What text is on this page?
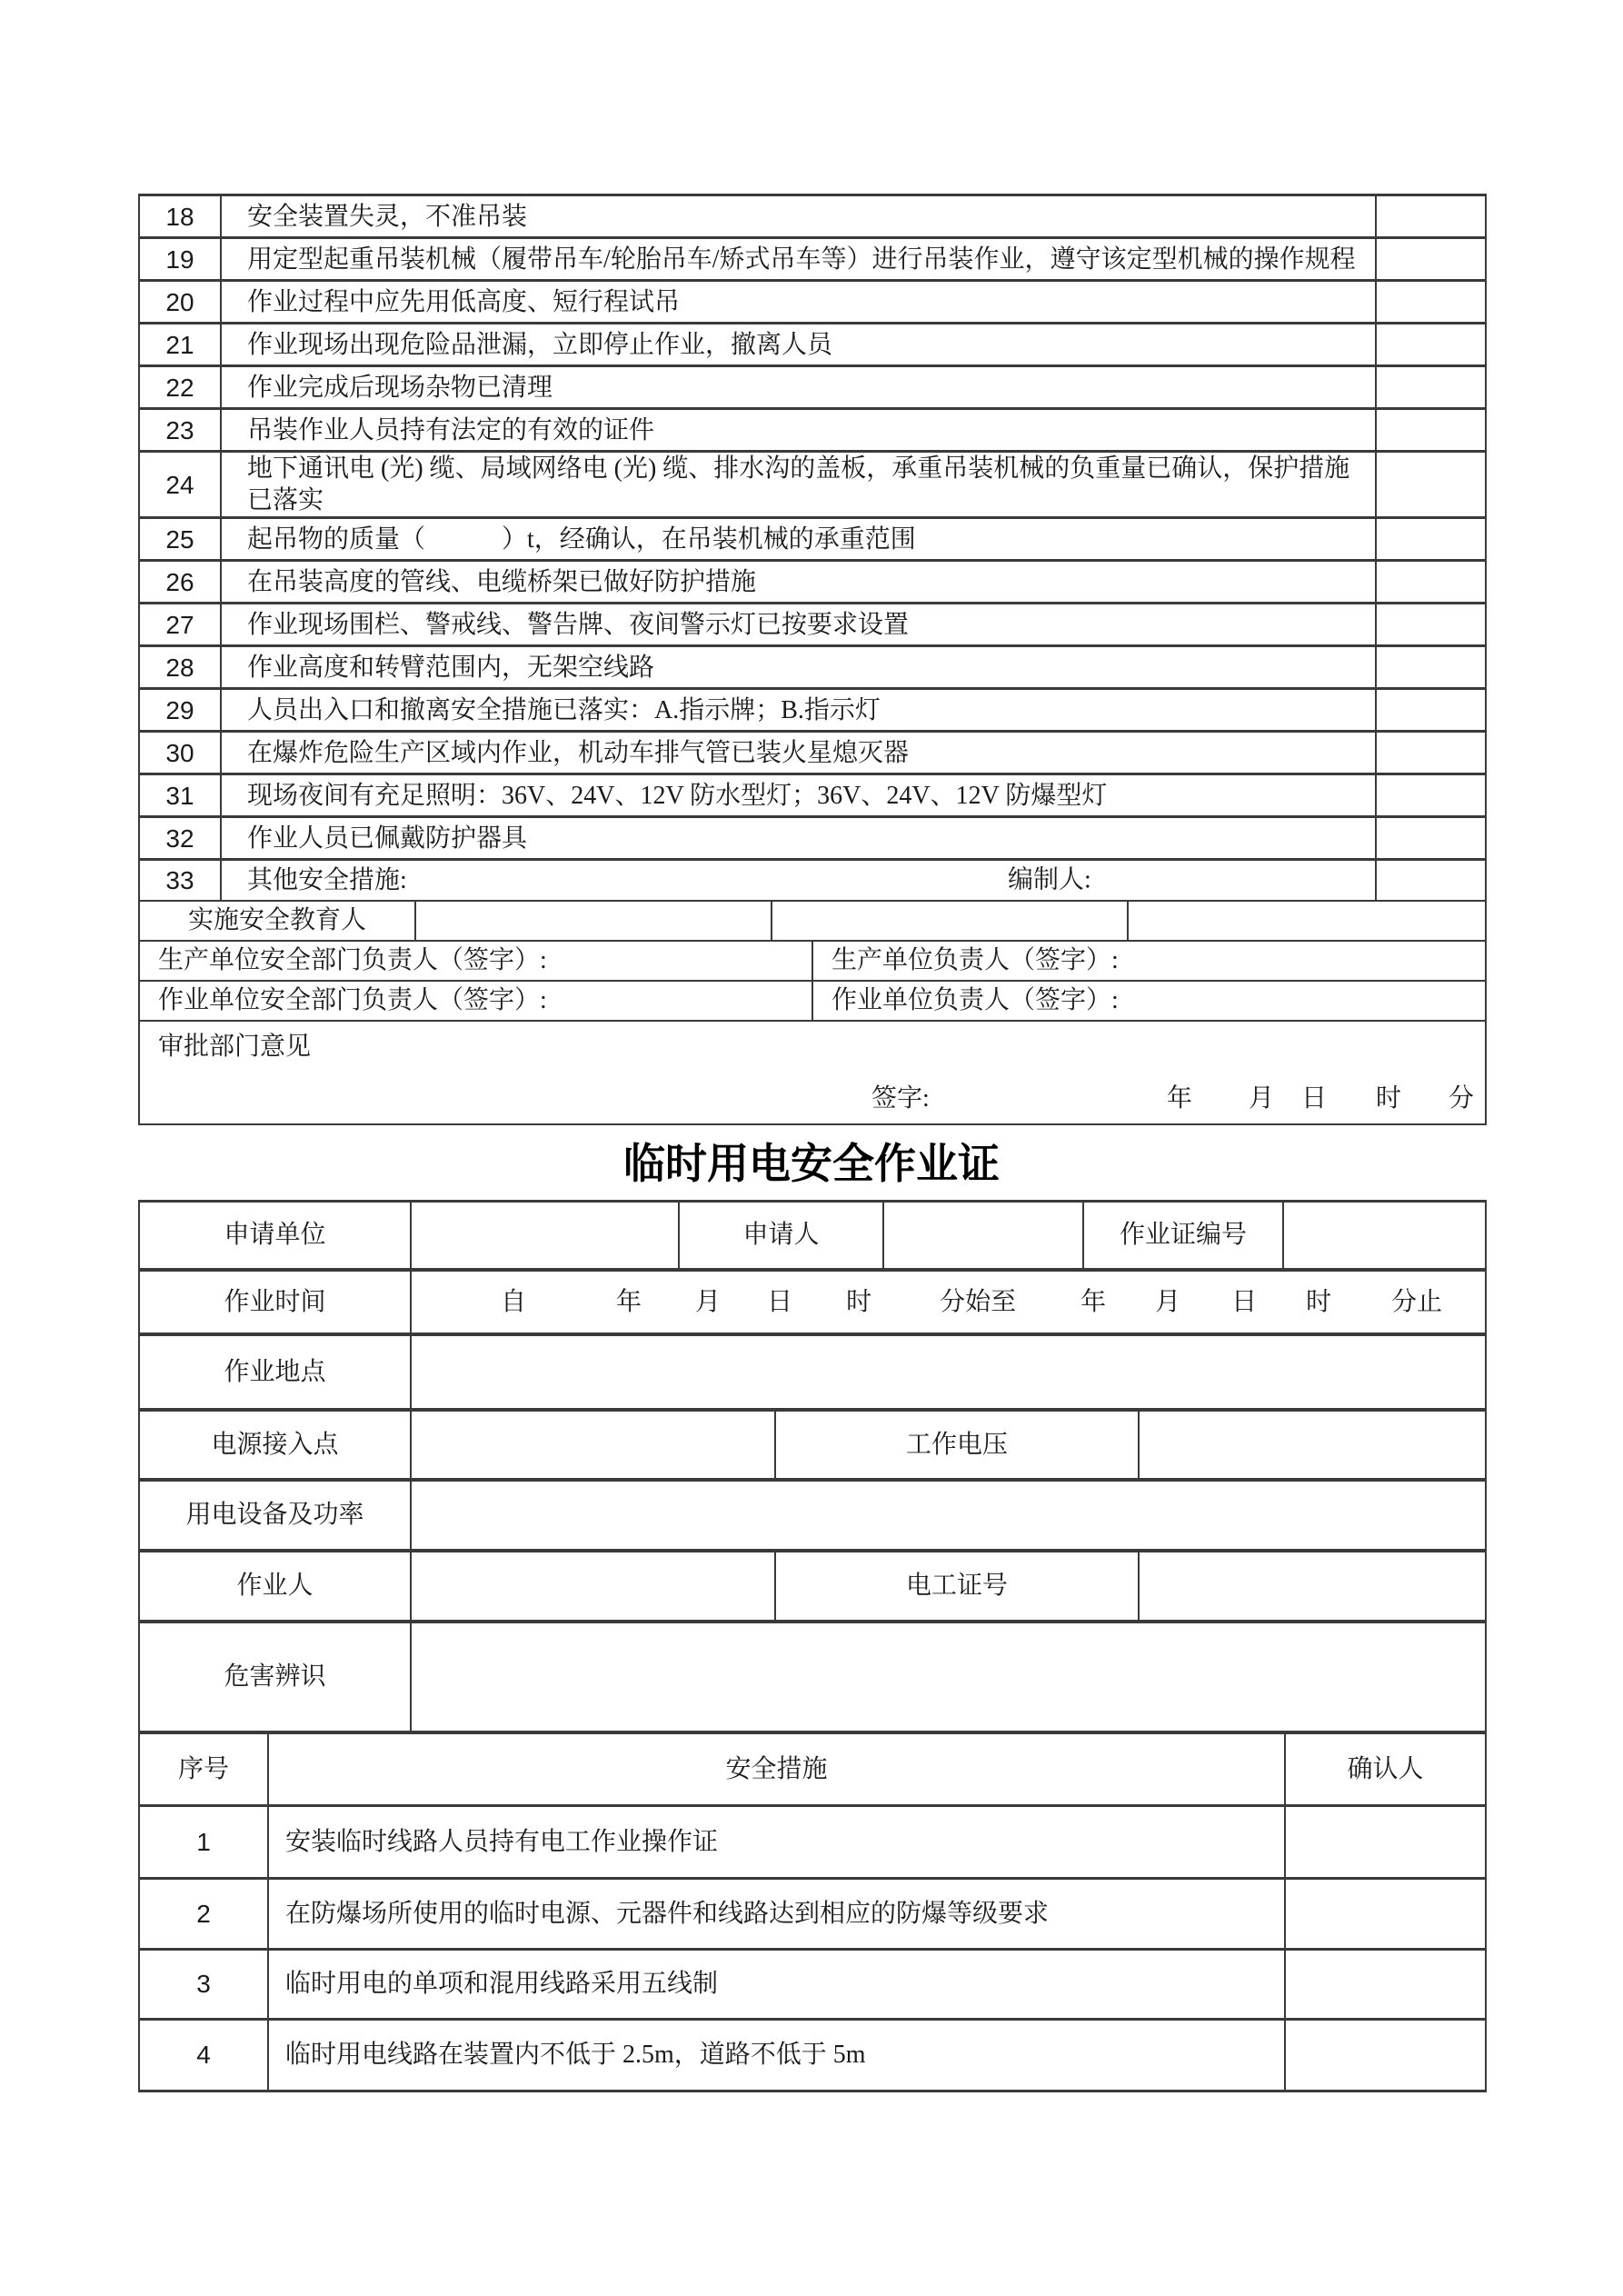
18	安全装置失灵，不准吊装	
19	用定型起重吊装机械（履带吊车/轮胎吊车/矫式吊车等）进行吊装作业，遵守该定型机械的操作规程	
20	作业过程中应先用低高度、短行程试吊	
21	作业现场出现危险品泄漏，立即停止作业，撤离人员	
22	作业完成后现场杂物已清理	
23	吊装作业人员持有法定的有效的证件	
24	地下通讯电 (光) 缆、局域网络电 (光) 缆、排水沟的盖板，承重吊装机械的负重量已确认，保护措施已落实	
25	起吊物的质量（　　　）t，经确认，在吊装机械的承重范围	
26	在吊装高度的管线、电缆桥架已做好防护措施	
27	作业现场围栏、警戒线、警告牌、夜间警示灯已按要求设置	
28	作业高度和转臂范围内，无架空线路	
29	人员出入口和撤离安全措施已落实：A.指示牌；B.指示灯	
30	在爆炸危险生产区域内作业，机动车排气管已装火星熄灭器	
31	现场夜间有充足照明：36V、24V、12V 防水型灯；36V、24V、12V 防爆型灯	
32	作业人员已佩戴防护器具	
33	其他安全措施: 编制人:	

实施安全教育人			
生产单位安全部门负责人（签字）:	生产单位负责人（签字）:
作业单位安全部门负责人（签字）:	作业单位负责人（签字）:
审批部门意见
签字:	年 月 日 时 分
临时用电安全作业证
申请单位		申请人		作业证编号	
作业时间	自	年 月 日 时	分始至	年 月 日 时 分止
作业地点	
电源接入点		工作电压	
用电设备及功率	
作业人		电工证号	
危害辨识	
序号	安全措施	确认人
1	安装临时线路人员持有电工作业操作证	
2	在防爆场所使用的临时电源、元器件和线路达到相应的防爆等级要求	
3	临时用电的单项和混用线路采用五线制	
4	临时用电线路在装置内不低于 2.5m，道路不低于 5m	
